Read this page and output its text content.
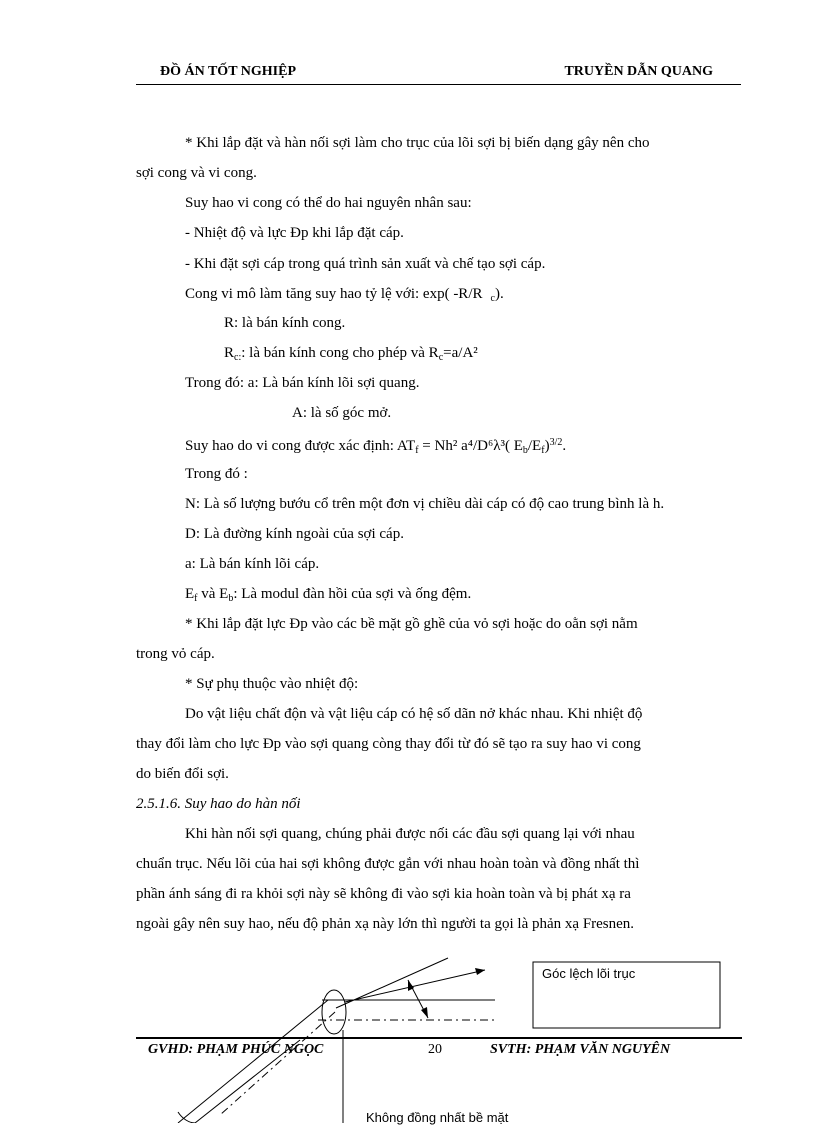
ĐỒ ÁN TỐT NGHIỆP	TRUYỀN DẪN QUANG
* Khi lắp đặt và hàn nối sợi làm cho trục của lõi sợi bị biến dạng gây nên cho
sợi cong và vi cong.
Suy hao vi cong có thể do hai nguyên nhân sau:
- Nhiệt độ và lực Đp khi lắp đặt cáp.
- Khi đặt sợi cáp trong quá trình sản xuất và chế tạo sợi cáp.
Cong vi mô làm tăng suy hao tỷ lệ với: exp( -R/R $_c$).
R: là bán kính cong.
$R_{c:}$: là bán kính cong cho phép và $R_c=a/A^2$
Trong đó: a: Là bán kính lõi sợi quang.
A: là số góc mở.
Suy hao do vi cong được xác định: $AT_f = Nh^2$ a⁴/D⁶λ³( $E_b/E_f)^{3/2}$.
Trong đó :
N: Là số lượng bướu cổ trên một đơn vị chiều dài cáp có độ cao trung bình là h.
D: Là đường kính ngoài của sợi cáp.
a: Là bán kính lõi cáp.
$E_f$ và $E_b$: Là modul đàn hồi của sợi và ống đệm.
* Khi lắp đặt lực Đp vào các bề mặt gồ ghề của vỏ sợi hoặc do oằn sợi nằm
trong vỏ cáp.
* Sự phụ thuộc vào nhiệt độ:
Do vật liệu chất độn và vật liệu cáp có hệ số dãn nở khác nhau. Khi nhiệt độ
thay đổi làm cho lực Đp vào sợi quang còng thay đổi từ đó sẽ tạo ra suy hao vi cong
do biến đổi sợi.
2.5.1.6. Suy hao do hàn nối
Khi hàn nối sợi quang, chúng phải được nối các đầu sợi quang lại với nhau
chuẩn trục. Nếu lõi của hai sợi không được gắn với nhau hoàn toàn và đồng nhất thì
phần ánh sáng đi ra khỏi sợi này sẽ không đi vào sợi kia hoàn toàn và bị phát xạ ra
ngoài gây nên suy hao, nếu độ phản xạ này lớn thì người ta gọi là phản xạ Fresnen.
Góc lệch lõi trục
GVHD: PHẠM PHÚC NGỌC	20	SVTH: PHẠM VĂN NGUYÊN
Không đồng nhất bề mặt
